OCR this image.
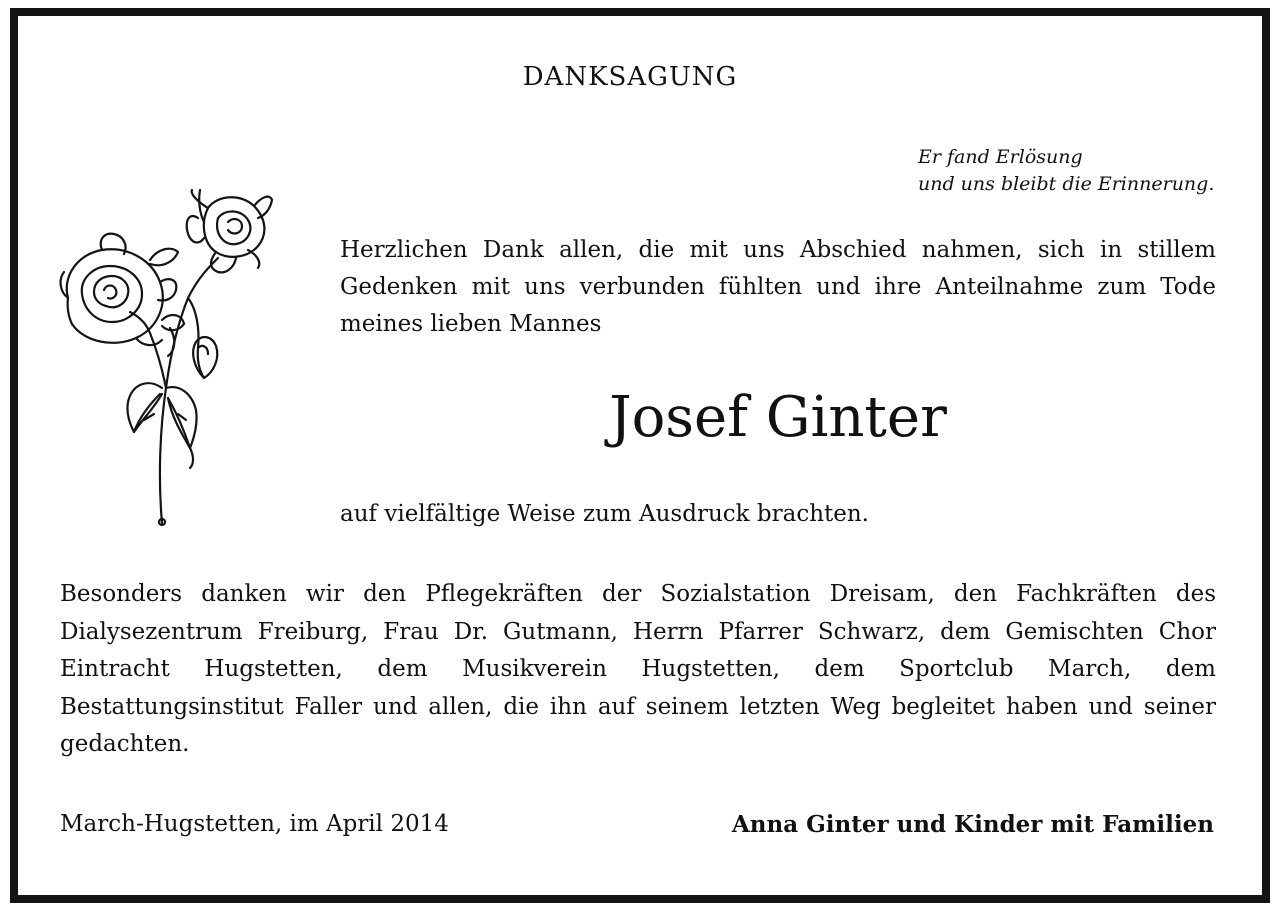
DANKSAGUNG
Er fand Erlösung
und uns bleibt die Erinnerung.

Herzlichen Dank allen, die mit uns Abschied nahmen, sich in stillem Gedenken mit uns verbunden fühlten und ihre Anteilnahme zum Tode meines lieben Mannes

Josef Ginter
auf vielfältige Weise zum Ausdruck brachten.

Besonders danken wir den Pflegekräften der Sozialstation Dreisam, den Fachkräften des Dialysezentrum Freiburg, Frau Dr. Gutmann, Herrn Pfarrer Schwarz, dem Gemischten Chor Eintracht Hugstetten, dem Musikverein Hugstetten, dem Sportclub March, dem Bestattungsinstitut Faller und allen, die ihn auf seinem letzten Weg begleitet haben und seiner gedachten.

March-Hugstetten, im April 2014	Anna Ginter und Kinder mit Familien
